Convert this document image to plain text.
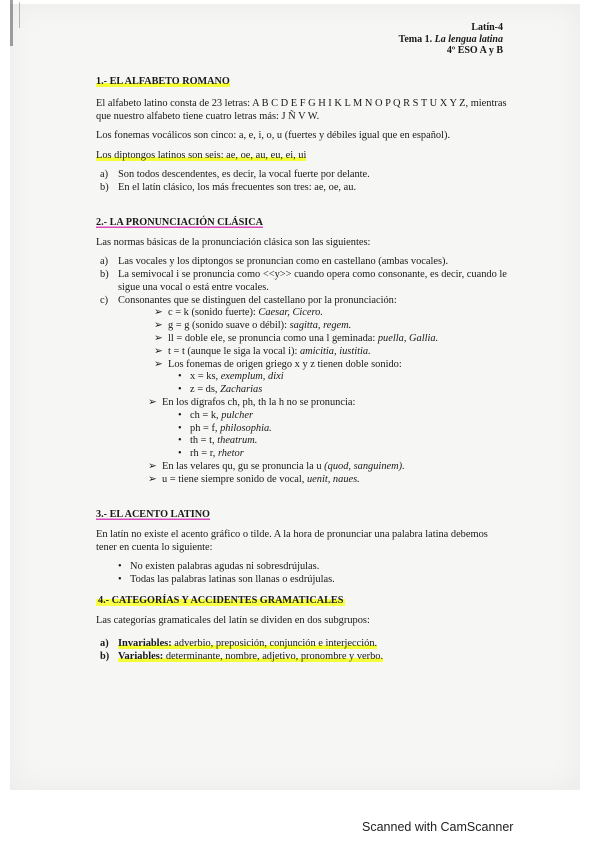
Latín-4
Tema 1. La lengua latina
4º ESO A y B

1.- EL ALFABETO ROMANO

El alfabeto latino consta de 23 letras: A B C D E F G H I K L M N O P Q R S T U X Y Z, mientras que nuestro alfabeto tiene cuatro letras más: J Ñ V W.

Los fonemas vocálicos son cinco: a, e, i, o, u (fuertes y débiles igual que en español).

Los diptongos latinos son seis: ae, oe, au, eu, ei, ui

a) Son todos descendentes, es decir, la vocal fuerte por delante.
b) En el latín clásico, los más frecuentes son tres: ae, oe, au.

2.- LA PRONUNCIACIÓN CLÁSICA

Las normas básicas de la pronunciación clásica son las siguientes:

a) Las vocales y los diptongos se pronuncian como en castellano (ambas vocales).
b) La semivocal i se pronuncia como <<y>> cuando opera como consonante, es decir, cuando le sigue una vocal o está entre vocales.
c) Consonantes que se distinguen del castellano por la pronunciación:
➢ c = k (sonido fuerte): Caesar, Cicero.
➢ g = g (sonido suave o débil): sagitta, regem.
➢ ll = doble ele, se pronuncia como una l geminada: puella, Gallia.
➢ t = t (aunque le siga la vocal i): amicitia, iustitia.
➢ Los fonemas de origen griego x y z tienen doble sonido:
• x = ks, exemplum, dixi
• z = ds, Zacharias
➢ En los dígrafos ch, ph, th la h no se pronuncia:
• ch = k, pulcher
• ph = f, philosophia.
• th = t, theatrum.
• rh = r, rhetor
➢ En las velares qu, gu se pronuncia la u (quod, sanguinem).
➢ u = tiene siempre sonido de vocal, uenit, naues.

3.- EL ACENTO LATINO

En latín no existe el acento gráfico o tilde. A la hora de pronunciar una palabra latina debemos tener en cuenta lo siguiente:

• No existen palabras agudas ni sobresdrújulas.
• Todas las palabras latinas son llanas o esdrújulas.

4.- CATEGORÍAS Y ACCIDENTES GRAMATICALES

Las categorías gramaticales del latín se dividen en dos subgrupos:

a) Invariables: adverbio, preposición, conjunción e interjección.
b) Variables: determinante, nombre, adjetivo, pronombre y verbo.
Scanned with CamScanner
